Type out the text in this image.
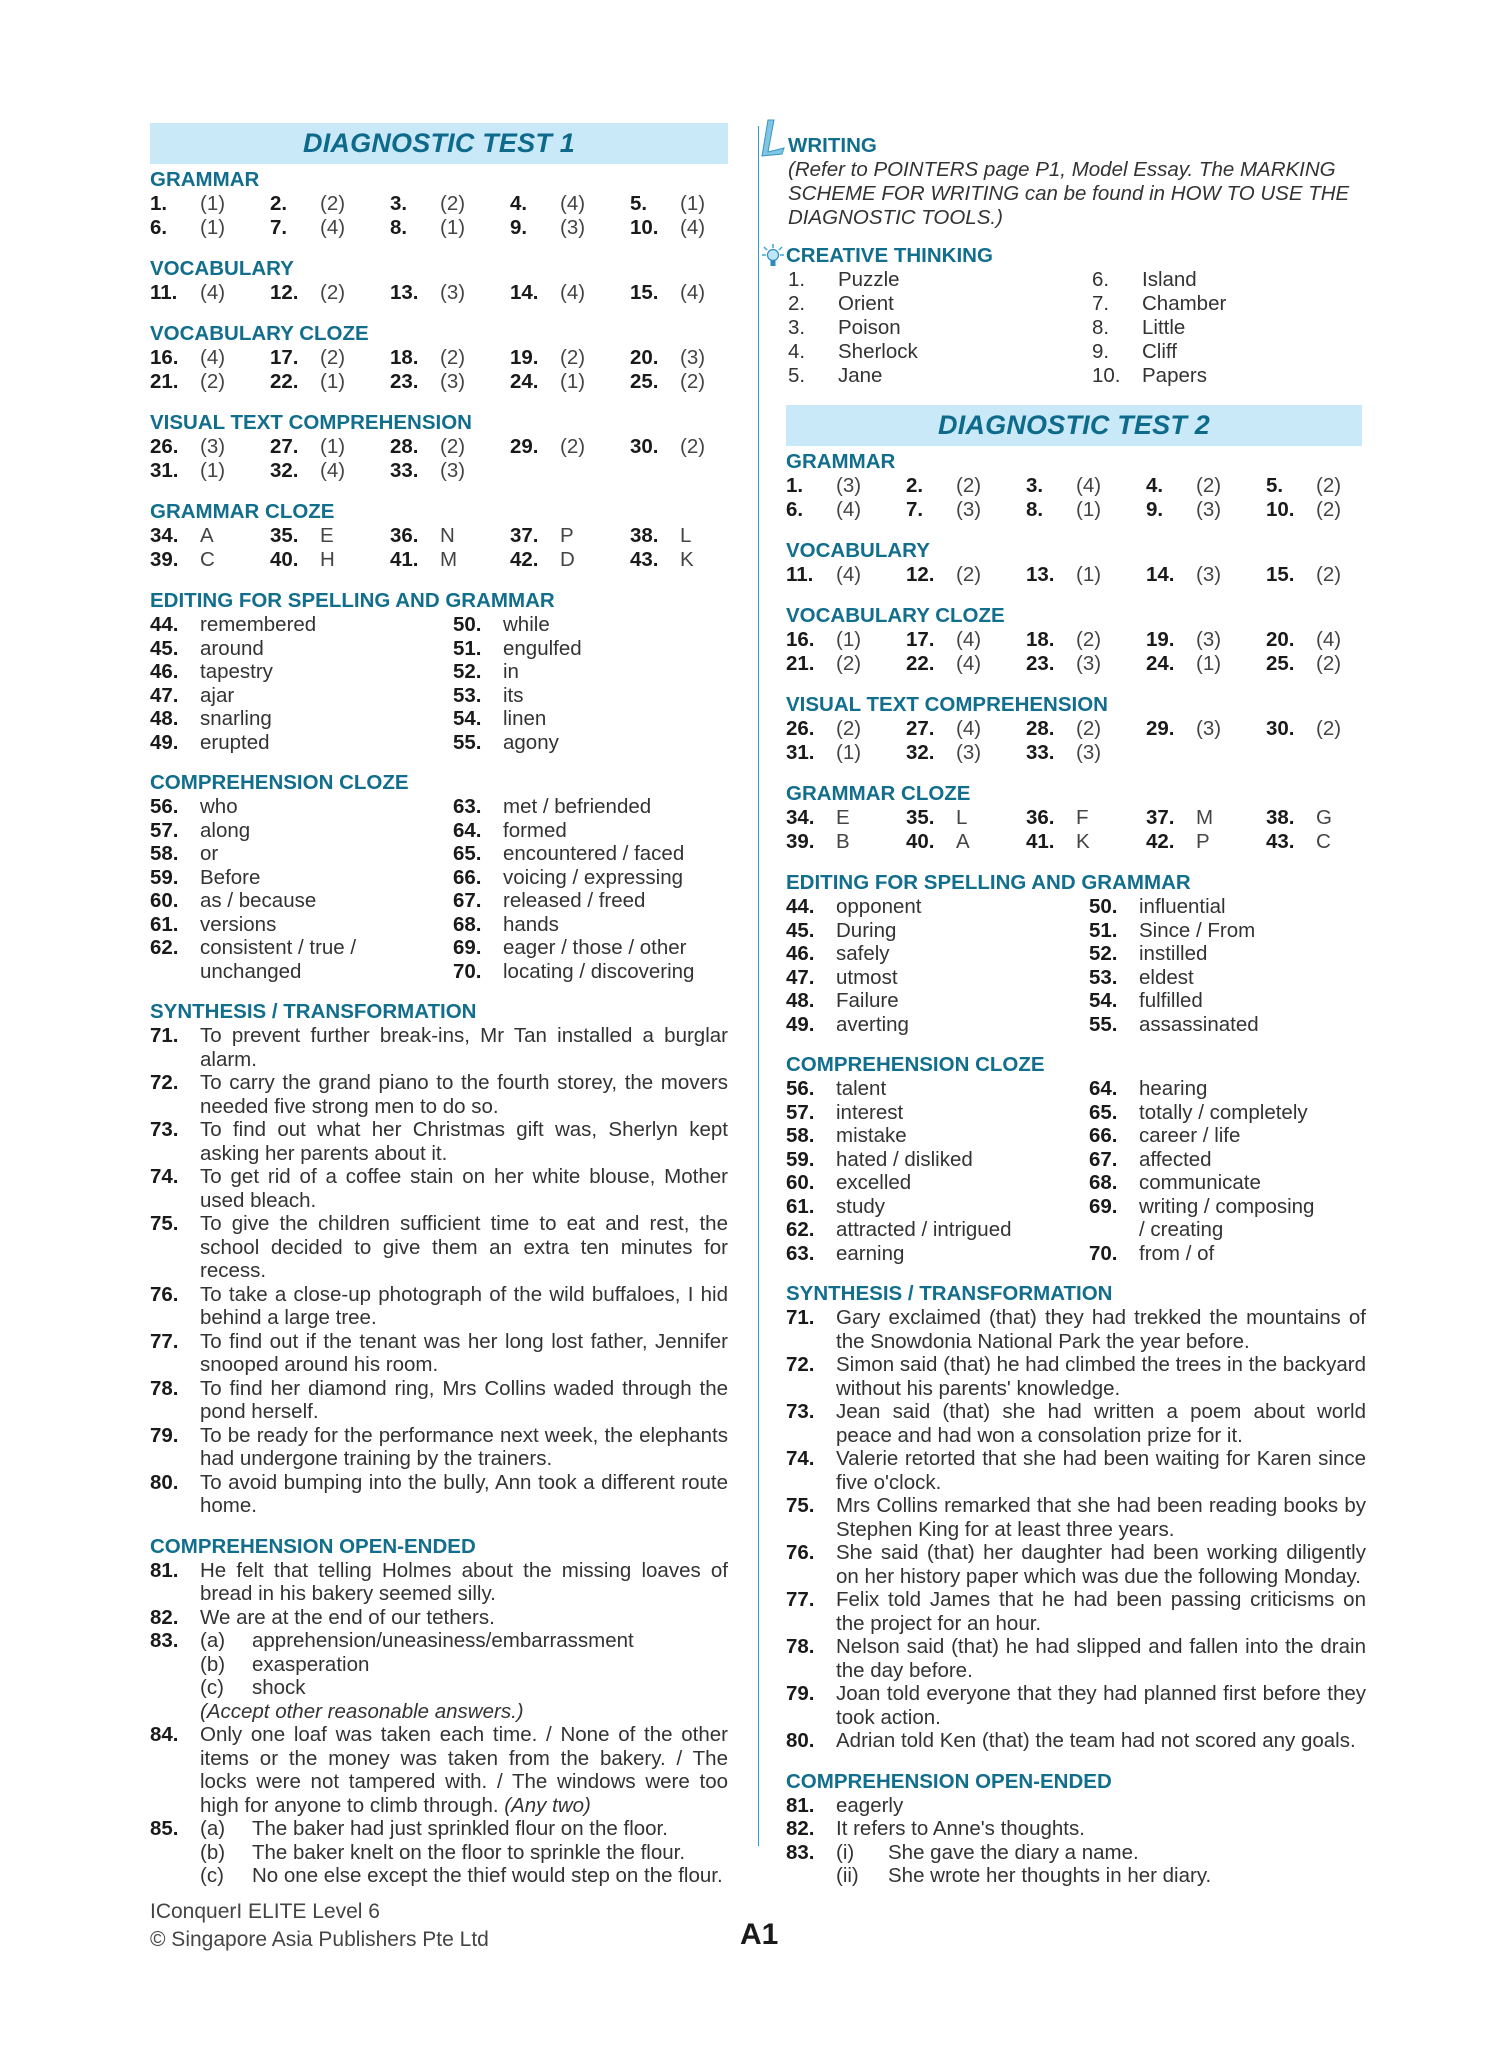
DIAGNOSTIC TEST 1
GRAMMAR
1.	(1) 2.	(2) 3.	(2) 4.	(4) 5.	(1)
6.	(1) 7.	(4) 8.	(1) 9.	(3) 10.	(4)
VOCABULARY
11.	(4) 12.	(2) 13.	(3) 14.	(4) 15.	(4)
VOCABULARY CLOZE
16.	(4) 17.	(2) 18.	(2) 19.	(2) 20.	(3)
21.	(2) 22.	(1) 23.	(3) 24.	(1) 25.	(2)
VISUAL TEXT COMPREHENSION
26.	(3) 27.	(1) 28.	(2) 29.	(2) 30.	(2)
31.	(1) 32.	(4) 33.	(3)
GRAMMAR CLOZE
34.	A	35.	E	36.	N	37.	P	38.	L
39.	C	40.	H	41.	M	42.	D	43.	K
EDITING FOR SPELLING AND GRAMMAR
44.	remembered
45.	around
46.	tapestry
47.	ajar
48.	snarling
49.	erupted
50.	while
51.	engulfed
52.	in
53.	its
54.	linen
55.	agony
COMPREHENSION CLOZE
56.	who
57.	along
58.	or
59.	Before
60.	as / because
61.	versions
62.	consistent / true / unchanged
63.	met / befriended
64.	formed
65.	encountered / faced
66.	voicing / expressing
67.	released / freed
68.	hands
69.	eager / those / other
70.	locating / discovering
SYNTHESIS / TRANSFORMATION
71.	To prevent further break-ins, Mr Tan installed a burglar alarm.
72.	To carry the grand piano to the fourth storey, the movers needed five strong men to do so.
73.	To find out what her Christmas gift was, Sherlyn kept asking her parents about it.
74.	To get rid of a coffee stain on her white blouse, Mother used bleach.
75.	To give the children sufficient time to eat and rest, the school decided to give them an extra ten minutes for recess.
76.	To take a close-up photograph of the wild buffaloes, I hid behind a large tree.
77.	To find out if the tenant was her long lost father, Jennifer snooped around his room.
78.	To find her diamond ring, Mrs Collins waded through the pond herself.
79.	To be ready for the performance next week, the elephants had undergone training by the trainers.
80.	To avoid bumping into the bully, Ann took a different route home.
COMPREHENSION OPEN-ENDED
81.	He felt that telling Holmes about the missing loaves of bread in his bakery seemed silly.
82.	We are at the end of our tethers.
83.	(a)	apprehension/uneasiness/embarrassment
(b)	exasperation
(c)	shock
(Accept other reasonable answers.)
84.	Only one loaf was taken each time. / None of the other items or the money was taken from the bakery. / The locks were not tampered with. / The windows were too high for anyone to climb through. (Any two)
85.	(a)	The baker had just sprinkled flour on the floor.
(b)	The baker knelt on the floor to sprinkle the flour.
(c)	No one else except the thief would step on the flour.
WRITING
(Refer to POINTERS page P1, Model Essay. The MARKING SCHEME FOR WRITING can be found in HOW TO USE THE DIAGNOSTIC TOOLS.)
CREATIVE THINKING
1.	Puzzle
2.	Orient
3.	Poison
4.	Sherlock
5.	Jane
6.	Island
7.	Chamber
8.	Little
9.	Cliff
10.	Papers
DIAGNOSTIC TEST 2
GRAMMAR
1.	(3) 2.	(2) 3.	(4) 4.	(2) 5.	(2)
6.	(4) 7.	(3) 8.	(1) 9.	(3) 10.	(2)
VOCABULARY
11.	(4) 12.	(2) 13.	(1) 14.	(3) 15.	(2)
VOCABULARY CLOZE
16.	(1) 17.	(4) 18.	(2) 19.	(3) 20.	(4)
21.	(2) 22.	(4) 23.	(3) 24.	(1) 25.	(2)
VISUAL TEXT COMPREHENSION
26.	(2) 27.	(4) 28.	(2) 29.	(3) 30.	(2)
31.	(1) 32.	(3) 33.	(3)
GRAMMAR CLOZE
34.	E	35.	L	36.	F	37.	M	38.	G
39.	B	40.	A	41.	K	42.	P	43.	C
EDITING FOR SPELLING AND GRAMMAR
44.	opponent
45.	During
46.	safely
47.	utmost
48.	Failure
49.	averting
50.	influential
51.	Since / From
52.	instilled
53.	eldest
54.	fulfilled
55.	assassinated
COMPREHENSION CLOZE
56.	talent
57.	interest
58.	mistake
59.	hated / disliked
60.	excelled
61.	study
62.	attracted / intrigued
63.	earning
64.	hearing
65.	totally / completely
66.	career / life
67.	affected
68.	communicate
69.	writing / composing / creating
70.	from / of
SYNTHESIS / TRANSFORMATION
71.	Gary exclaimed (that) they had trekked the mountains of the Snowdonia National Park the year before.
72.	Simon said (that) he had climbed the trees in the backyard without his parents' knowledge.
73.	Jean said (that) she had written a poem about world peace and had won a consolation prize for it.
74.	Valerie retorted that she had been waiting for Karen since five o'clock.
75.	Mrs Collins remarked that she had been reading books by Stephen King for at least three years.
76.	She said (that) her daughter had been working diligently on her history paper which was due the following Monday.
77.	Felix told James that he had been passing criticisms on the project for an hour.
78.	Nelson said (that) he had slipped and fallen into the drain the day before.
79.	Joan told everyone that they had planned first before they took action.
80.	Adrian told Ken (that) the team had not scored any goals.
COMPREHENSION OPEN-ENDED
81.	eagerly
82.	It refers to Anne's thoughts.
83.	(i)	She gave the diary a name.
(ii)	She wrote her thoughts in her diary.
IConquerI ELITE Level 6
© Singapore Asia Publishers Pte Ltd	A1
